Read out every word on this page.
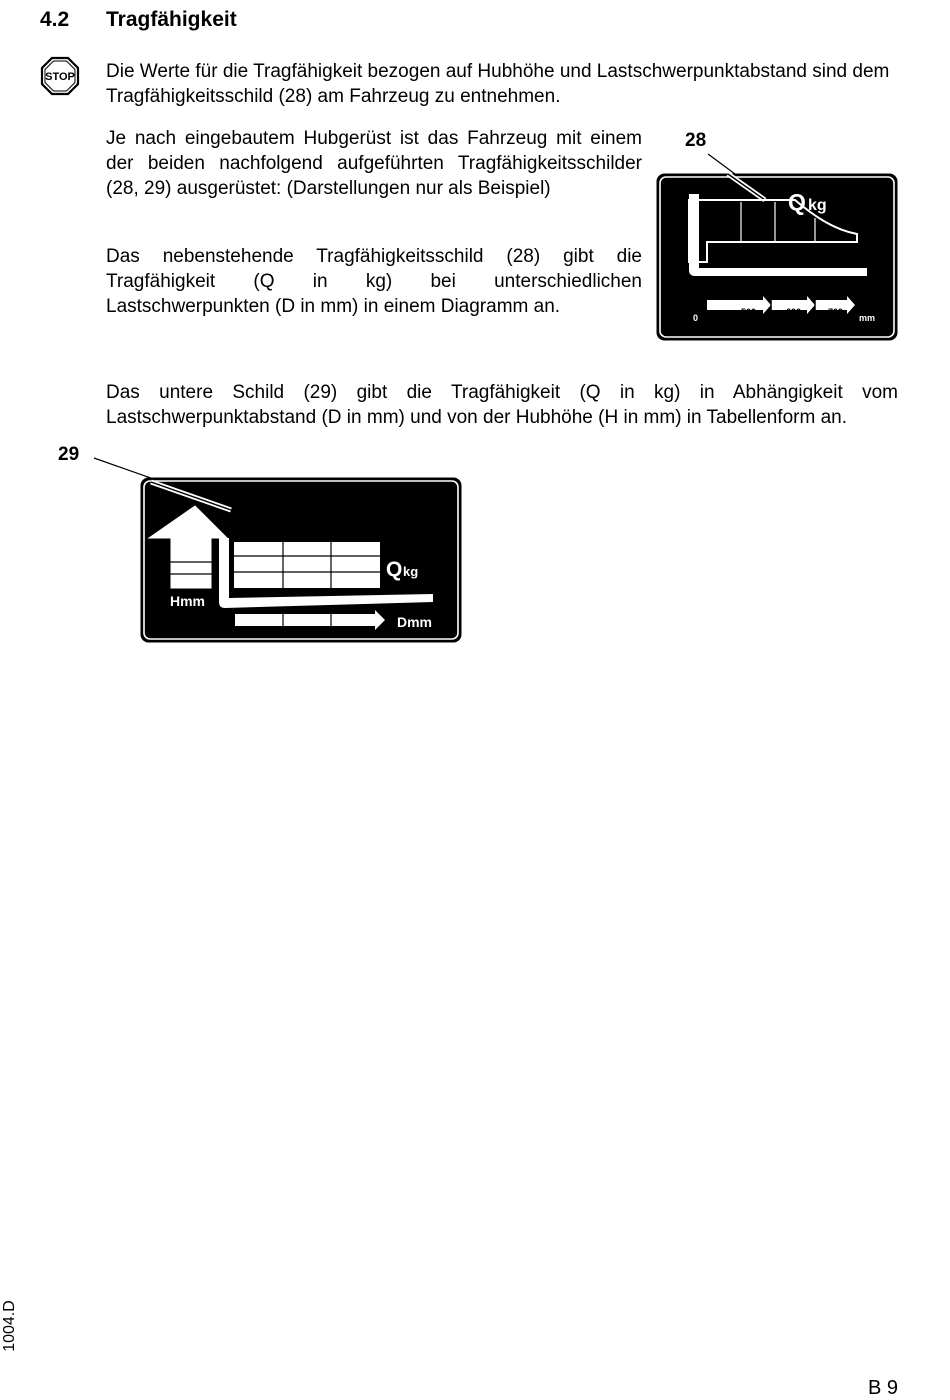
4.2 Tragfähigkeit
STOP Die Werte für die Tragfähigkeit bezogen auf Hubhöhe und Lastschwerpunktabstand sind dem Tragfähigkeitsschild (28) am Fahrzeug zu entnehmen.
Je nach eingebautem Hubgerüst ist das Fahrzeug mit einem der beiden nachfolgend aufgeführten Tragfähigkeitsschilder (28, 29) ausgerüstet: (Darstellungen nur als Beispiel)
Das nebenstehende Tragfähigkeitsschild (28) gibt die Tragfähigkeit (Q in kg) bei unterschiedlichen Lastschwerpunkten (D in mm) in einem Diagramm an.
Das untere Schild (29) gibt die Tragfähigkeit (Q in kg) in Abhängigkeit vom Lastschwerpunktabstand (D in mm) und von der Hubhöhe (H in mm) in Tabellenform an.
28
Q kg
0
500	600	700
mm
29
Hmm
Dmm
Q kg
1004.D
B 9
